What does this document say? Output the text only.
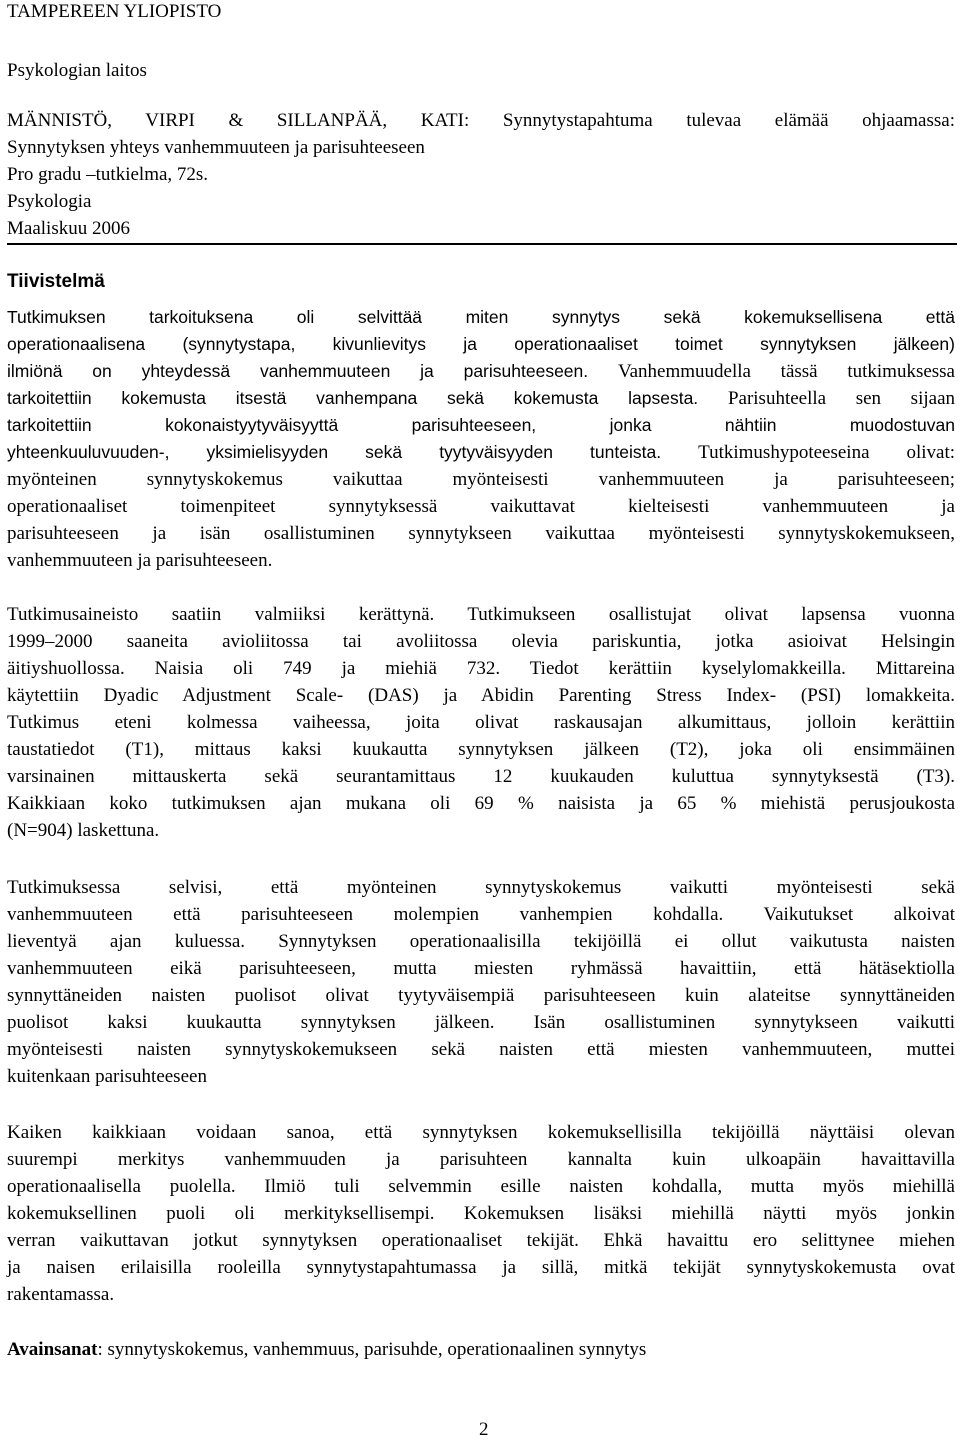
TAMPEREEN YLIOPISTO

Psykologian laitos

MÄNNISTÖ, VIRPI & SILLANPÄÄ, KATI: Synnytystapahtuma tulevaa elämää ohjaamassa:

Synnytyksen yhteys vanhemmuuteen ja parisuhteeseen

Pro gradu –tutkielma, 72s.

Psykologia

Maaliskuu 2006

Tiivistelmä
Tutkimuksen tarkoituksena oli selvittää miten synnytys sekä kokemuksellisena että
operationaalisena (synnytystapa, kivunlievitys ja operationaaliset toimet synnytyksen jälkeen)
ilmiönä on yhteydessä vanhemmuuteen ja parisuhteeseen. Vanhemmuudella tässä tutkimuksessa
tarkoitettiin kokemusta itsestä vanhempana sekä kokemusta lapsesta. Parisuhteella sen sijaan
tarkoitettiin kokonaistyytyväisyyttä parisuhteeseen, jonka nähtiin muodostuvan
yhteenkuuluvuuden-, yksimielisyyden sekä tyytyväisyyden tunteista. Tutkimushypoteeseina olivat:
myönteinen synnytyskokemus vaikuttaa myönteisesti vanhemmuuteen ja parisuhteeseen;
operationaaliset toimenpiteet synnytyksessä vaikuttavat kielteisesti vanhemmuuteen ja
parisuhteeseen ja isän osallistuminen synnytykseen vaikuttaa myönteisesti synnytyskokemukseen,
vanhemmuuteen ja parisuhteeseen.
Tutkimusaineisto saatiin valmiiksi kerättynä. Tutkimukseen osallistujat olivat lapsensa vuonna
1999–2000 saaneita avioliitossa tai avoliitossa olevia pariskuntia, jotka asioivat Helsingin
äitiyshuollossa. Naisia oli 749 ja miehiä 732. Tiedot kerättiin kyselylomakkeilla. Mittareina
käytettiin Dyadic Adjustment Scale- (DAS) ja Abidin Parenting Stress Index- (PSI) lomakkeita.
Tutkimus eteni kolmessa vaiheessa, joita olivat raskausajan alkumittaus, jolloin kerättiin
taustatiedot (T1), mittaus kaksi kuukautta synnytyksen jälkeen (T2), joka oli ensimmäinen
varsinainen mittauskerta sekä seurantamittaus 12 kuukauden kuluttua synnytyksestä (T3).
Kaikkiaan koko tutkimuksen ajan mukana oli 69 % naisista ja 65 % miehistä perusjoukosta
(N=904) laskettuna.
Tutkimuksessa selvisi, että myönteinen synnytyskokemus vaikutti myönteisesti sekä
vanhemmuuteen että parisuhteeseen molempien vanhempien kohdalla. Vaikutukset alkoivat
lieventyä ajan kuluessa. Synnytyksen operationaalisilla tekijöillä ei ollut vaikutusta naisten
vanhemmuuteen eikä parisuhteeseen, mutta miesten ryhmässä havaittiin, että hätäsektiolla
synnyttäneiden naisten puolisot olivat tyytyväisempiä parisuhteeseen kuin alateitse synnyttäneiden
puolisot kaksi kuukautta synnytyksen jälkeen. Isän osallistuminen synnytykseen vaikutti
myönteisesti naisten synnytyskokemukseen sekä naisten että miesten vanhemmuuteen, muttei
kuitenkaan parisuhteeseen
Kaiken kaikkiaan voidaan sanoa, että synnytyksen kokemuksellisilla tekijöillä näyttäisi olevan
suurempi merkitys vanhemmuuden ja parisuhteen kannalta kuin ulkoapäin havaittavilla
operationaalisella puolella. Ilmiö tuli selvemmin esille naisten kohdalla, mutta myös miehillä
kokemuksellinen puoli oli merkityksellisempi. Kokemuksen lisäksi miehillä näytti myös jonkin
verran vaikuttavan jotkut synnytyksen operationaaliset tekijät. Ehkä havaittu ero selittynee miehen
ja naisen erilaisilla rooleilla synnytystapahtumassa ja sillä, mitkä tekijät synnytyskokemusta ovat
rakentamassa.

Avainsanat: synnytyskokemus, vanhemmuus, parisuhde, operationaalinen synnytys

2
